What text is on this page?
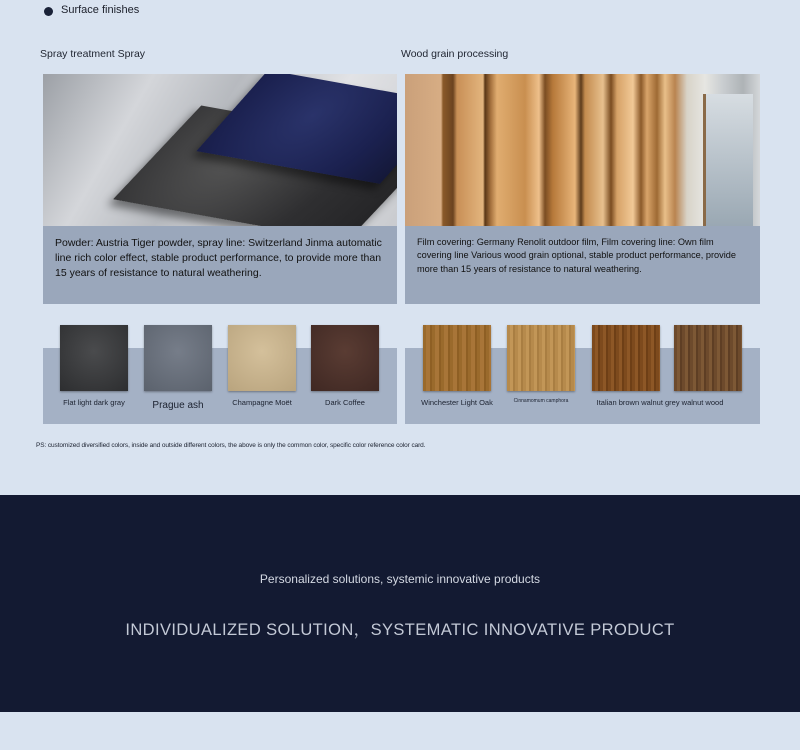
Surface finishes
Spray treatment Spray	Wood grain processing
Powder: Austria Tiger powder, spray line: Switzerland Jinma automatic line rich color effect, stable product performance, to provide more than 15 years of resistance to natural weathering.
Film covering: Germany Renolit outdoor film, Film covering line: Own film covering line Various wood grain optional, stable product performance, provide more than 15 years of resistance to natural weathering.
Flat light dark gray	Prague ash	Champagne Moët	Dark Coffee	Winchester Light Oak	Cinnamomum camphora	Italian brown walnut grey walnut wood
PS: customized diversified colors, inside and outside different colors, the above is only the common color, specific color reference color card.
Personalized solutions, systemic innovative products
INDIVIDUALIZED SOLUTION，SYSTEMATIC INNOVATIVE PRODUCT
